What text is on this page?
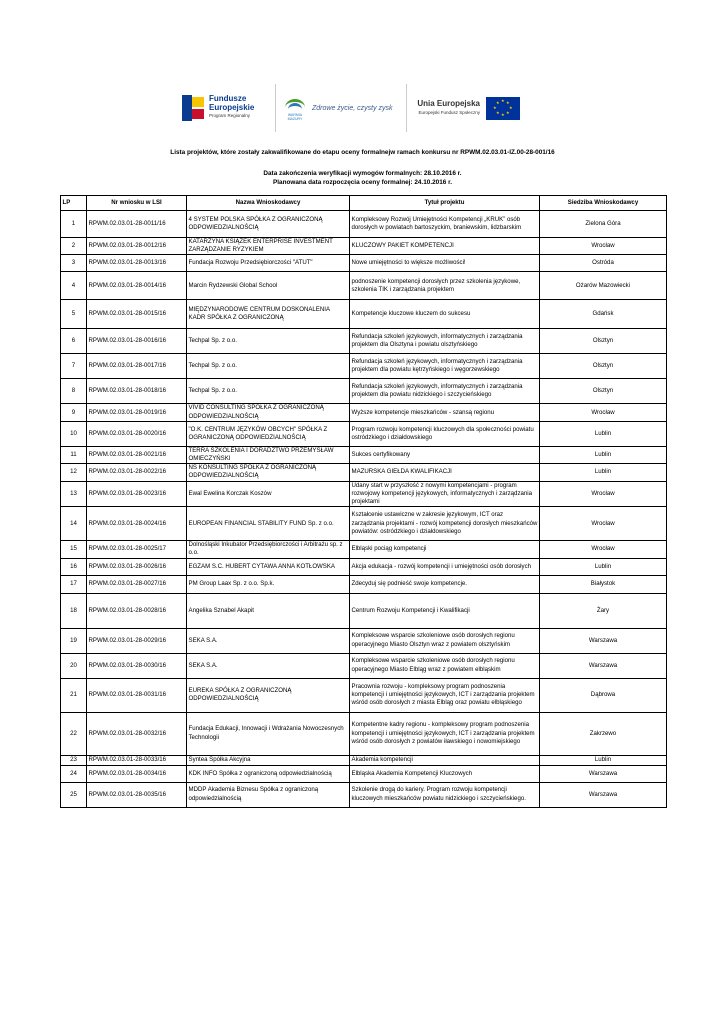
Fundusze
Europejskie
Program Regionalny	WARMIA MAZURY
Zdrowe życie, czysty zysk	Unia Europejska
Europejski Fundusz Społeczny
★ ★
★
★
★
★
★
★
Lista projektów, które zostały zakwalifikowane do etapu oceny formalnejw ramach konkursu nr RPWM.02.03.01-IZ.00-28-001/16
Data zakończenia weryfikacji wymogów formalnych: 28.10.2016 r.
Planowana data rozpoczęcia oceny formalnej: 24.10.2016 r.
LP	Nr wniosku w LSI	Nazwa Wnioskodawcy	Tytuł projektu	Siedziba Wnioskodawcy
1	RPWM.02.03.01-28-0011/16	4 SYSTEM POLSKA SPÓŁKA Z OGRANICZONĄ ODPOWIEDZIALNOŚCIĄ	Kompleksowy Rozwój Umiejętności Kompetencji „KRUK” osób dorosłych w powiatach bartoszyckim, braniewskim, lidzbarskim	Zielona Góra
2	RPWM.02.03.01-28-0012/16	KATARZYNA KSIĄŻEK ENTERPRISE INVESTMENT ZARZĄDZANIE RYZYKIEM	KLUCZOWY PAKIET KOMPETENCJI	Wrocław
3	RPWM.02.03.01-28-0013/16	Fundacja Rozwoju Przedsiębiorczości "ATUT"	Nowe umiejętności to większe możliwości!	Ostróda
4	RPWM.02.03.01-28-0014/16	Marcin Rydzewski Global School	podnoszenie kompetencji dorosłych przez szkolenia językowe, szkolenia TIK i zarządzania projektem	Ożarów Mazowiecki
5	RPWM.02.03.01-28-0015/16	MIĘDZYNARODOWE CENTRUM DOSKONALENIA KADR SPÓŁKA Z OGRANICZONĄ	Kompetencje kluczowe kluczem do sukcesu	Gdańsk
6	RPWM.02.03.01-28-0016/16	Techpal Sp. z o.o.	Refundacja szkoleń językowych, informatycznych i zarządzania projektem dla Olsztyna i powiatu olsztyńskiego	Olsztyn
7	RPWM.02.03.01-28-0017/16	Techpal Sp. z o.o.	Refundacja szkoleń językowych, informatycznych i zarządzania projektem dla powiatu kętrzyńskiego i węgorzewskiego	Olsztyn
8	RPWM.02.03.01-28-0018/16	Techpal Sp. z o.o.	Refundacja szkoleń językowych, informatycznych i zarządzania projektem dla powiatu nidzickiego i szczycieńskiego	Olsztyn
9	RPWM.02.03.01-28-0019/16	VIVID CONSULTING SPÓŁKA Z OGRANICZONĄ ODPOWIEDZIALNOŚCIĄ	Wyższe kompetencje mieszkańców - szansą regionu	Wrocław
10	RPWM.02.03.01-28-0020/16	"O.K. CENTRUM JĘZYKÓW OBCYCH" SPÓŁKA Z OGRANICZONĄ ODPOWIEDZIALNOŚCIĄ	Program rozwoju kompetencji kluczowych dla społeczności powiatu ostródzkiego i działdowskiego	Lublin
11	RPWM.02.03.01-28-0021/16	TERRA SZKOLENIA I DORADZTWO PRZEMYSŁAW OMIECZYŃSKI	Sukces certyfikowany	Lublin
12	RPWM.02.03.01-28-0022/16	NS KONSULTING SPÓŁKA Z OGRANICZONĄ ODPOWIEDZIALNOŚCIĄ	MAZURSKA GIEŁDA KWALIFIKACJI	Lublin
13	RPWM.02.03.01-28-0023/16	Ewal Ewelina Korczak Koszów	Udany start w przyszłość z nowymi kompetencjami - program rozwojowy kompetencji językowych, informatycznych i zarządzania projektami	Wrocław
14	RPWM.02.03.01-28-0024/16	EUROPEAN FINANCIAL STABILITY FUND Sp. z o.o.	Kształcenie ustawiczne w zakresie językowym, ICT oraz zarządzania projektami - rozwój kompetencji dorosłych mieszkańców powiatów: ostródzkiego i działdowskiego	Wrocław
15	RPWM.02.03.01-28-0025/17	Dolnośląski Inkubator Przedsiębiorczości i Arbitrażu sp. z o.o.	Elbląski pociąg kompetencji	Wrocław
16	RPWM.02.03.01-28-0026/16	EGZAM S.C. HUBERT CYTAWA ANNA KOTŁOWSKA	Akcja edukacja - rozwój kompetencji i umiejętności osób dorosłych	Lublin
17	RPWM.02.03.01-28-0027/16	PM Group Laax Sp. z o.o. Sp.k.	Zdecyduj się podnieść swoje kompetencje.	Białystok
18	RPWM.02.03.01-28-0028/16	Angelika Sznabel Akapit	Centrum Rozwoju Kompetencji i Kwalifikacji	Żary
19	RPWM.02.03.01-28-0029/16	SEKA S.A.	Kompleksowe wsparcie szkoleniowe osób dorosłych regionu operacyjnego Miasto Olsztyn wraz z powiatem olsztyńskim	Warszawa
20	RPWM.02.03.01-28-0030/16	SEKA S.A.	Kompleksowe wsparcie szkoleniowe osób dorosłych regionu operacyjnego Miasto Elbląg wraz z powiatem elbląskim	Warszawa
21	RPWM.02.03.01-28-0031/16	EUREKA SPÓŁKA Z OGRANICZONĄ ODPOWIEDZIALNOŚCIĄ	Pracownia rozwoju - kompleksowy program podnoszenia kompetencji i umiejętności językowych, ICT i zarządzania projektem wśród osób dorosłych z miasta Elbląg oraz powiatu elbląskiego	Dąbrowa
22	RPWM.02.03.01-28-0032/16	Fundacja Edukacji, Innowacji i Wdrażania Nowoczesnych Technologii	Kompetentne kadry regionu - kompleksowy program podnoszenia kompetencji i umiejętności językowych, ICT i zarządzania projektem wśród osób dorosłych z powiatów iławskiego i nowomiejskiego	Zakrzewo
23	RPWM.02.03.01-28-0033/16	Syntea Spółka Akcyjna	Akademia kompetencji	Lublin
24	RPWM.02.03.01-28-0034/16	KDK INFO Spółka z ograniczoną odpowiedzialnością	Elbląska Akademia Kompetencji Kluczowych	Warszawa
25	RPWM.02.03.01-28-0035/16	MDDP Akademia Biznesu Spółka z ograniczoną odpowiedzialnością	Szkolenie drogą do kariery. Program rozwoju kompetencji kluczowych mieszkańców powiatu nidzickiego i szczycieńskiego.	Warszawa
